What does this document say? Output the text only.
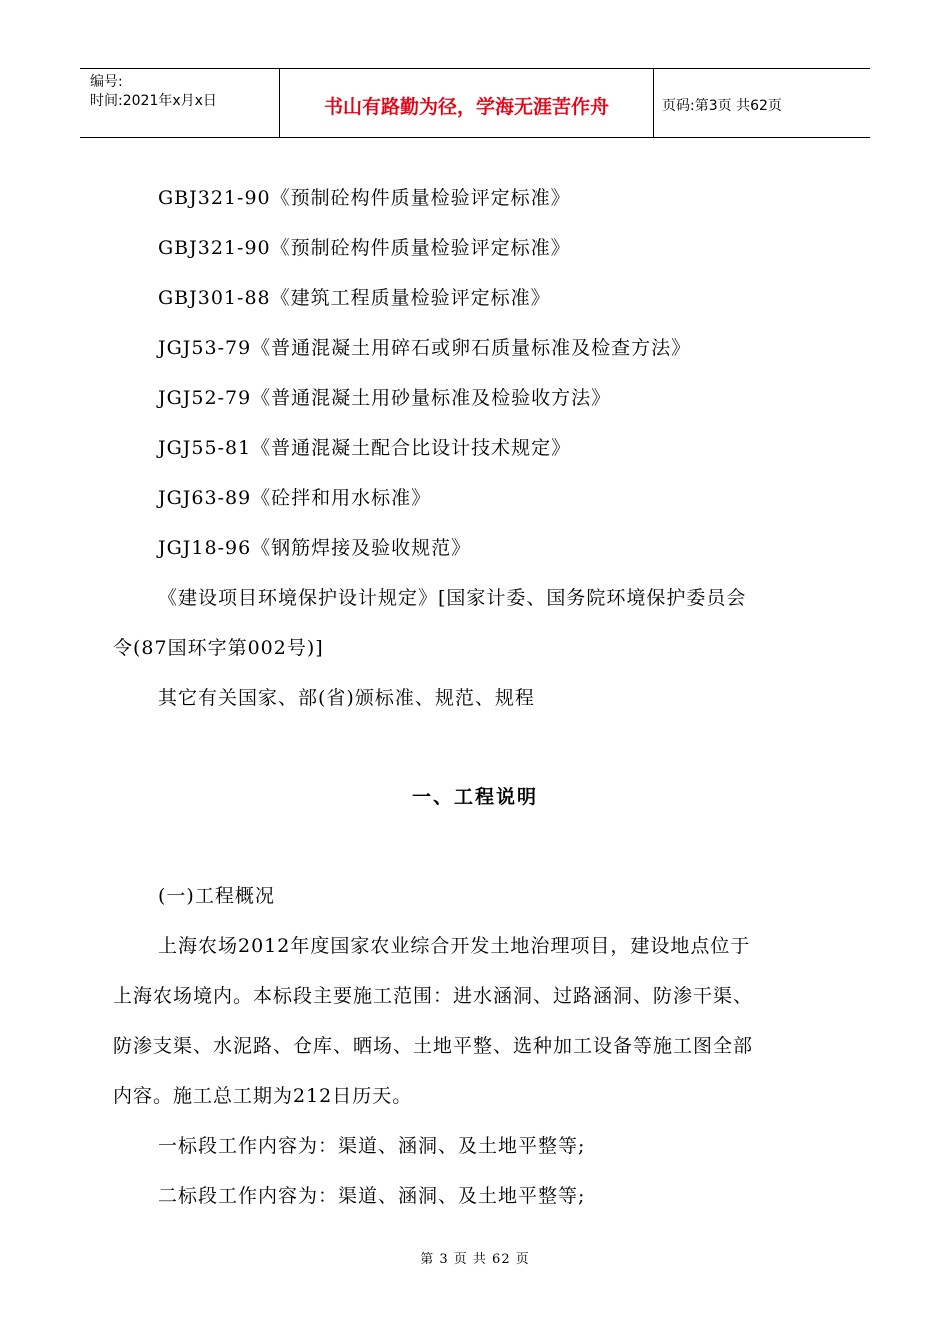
编号:
时间:2021年x月x日	书山有路勤为径，学海无涯苦作舟	页码:第3页 共62页
GBJ321-90《预制砼构件质量检验评定标准》
GBJ321-90《预制砼构件质量检验评定标准》
GBJ301-88《建筑工程质量检验评定标准》
JGJ53-79《普通混凝土用碎石或卵石质量标准及检查方法》
JGJ52-79《普通混凝土用砂量标准及检验收方法》
JGJ55-81《普通混凝土配合比设计技术规定》
JGJ63-89《砼拌和用水标准》
JGJ18-96《钢筋焊接及验收规范》
《建设项目环境保护设计规定》[国家计委、国务院环境保护委员会
令(87国环字第002号)]
其它有关国家、部(省)颁标准、规范、规程
一、工程说明
(一)工程概况
上海农场2012年度国家农业综合开发土地治理项目，建设地点位于
上海农场境内。本标段主要施工范围：进水涵洞、过路涵洞、防渗干渠、
防渗支渠、水泥路、仓库、晒场、土地平整、选种加工设备等施工图全部
内容。施工总工期为212日历天。
一标段工作内容为：渠道、涵洞、及土地平整等;
二标段工作内容为：渠道、涵洞、及土地平整等;
第 3 页 共 62 页
